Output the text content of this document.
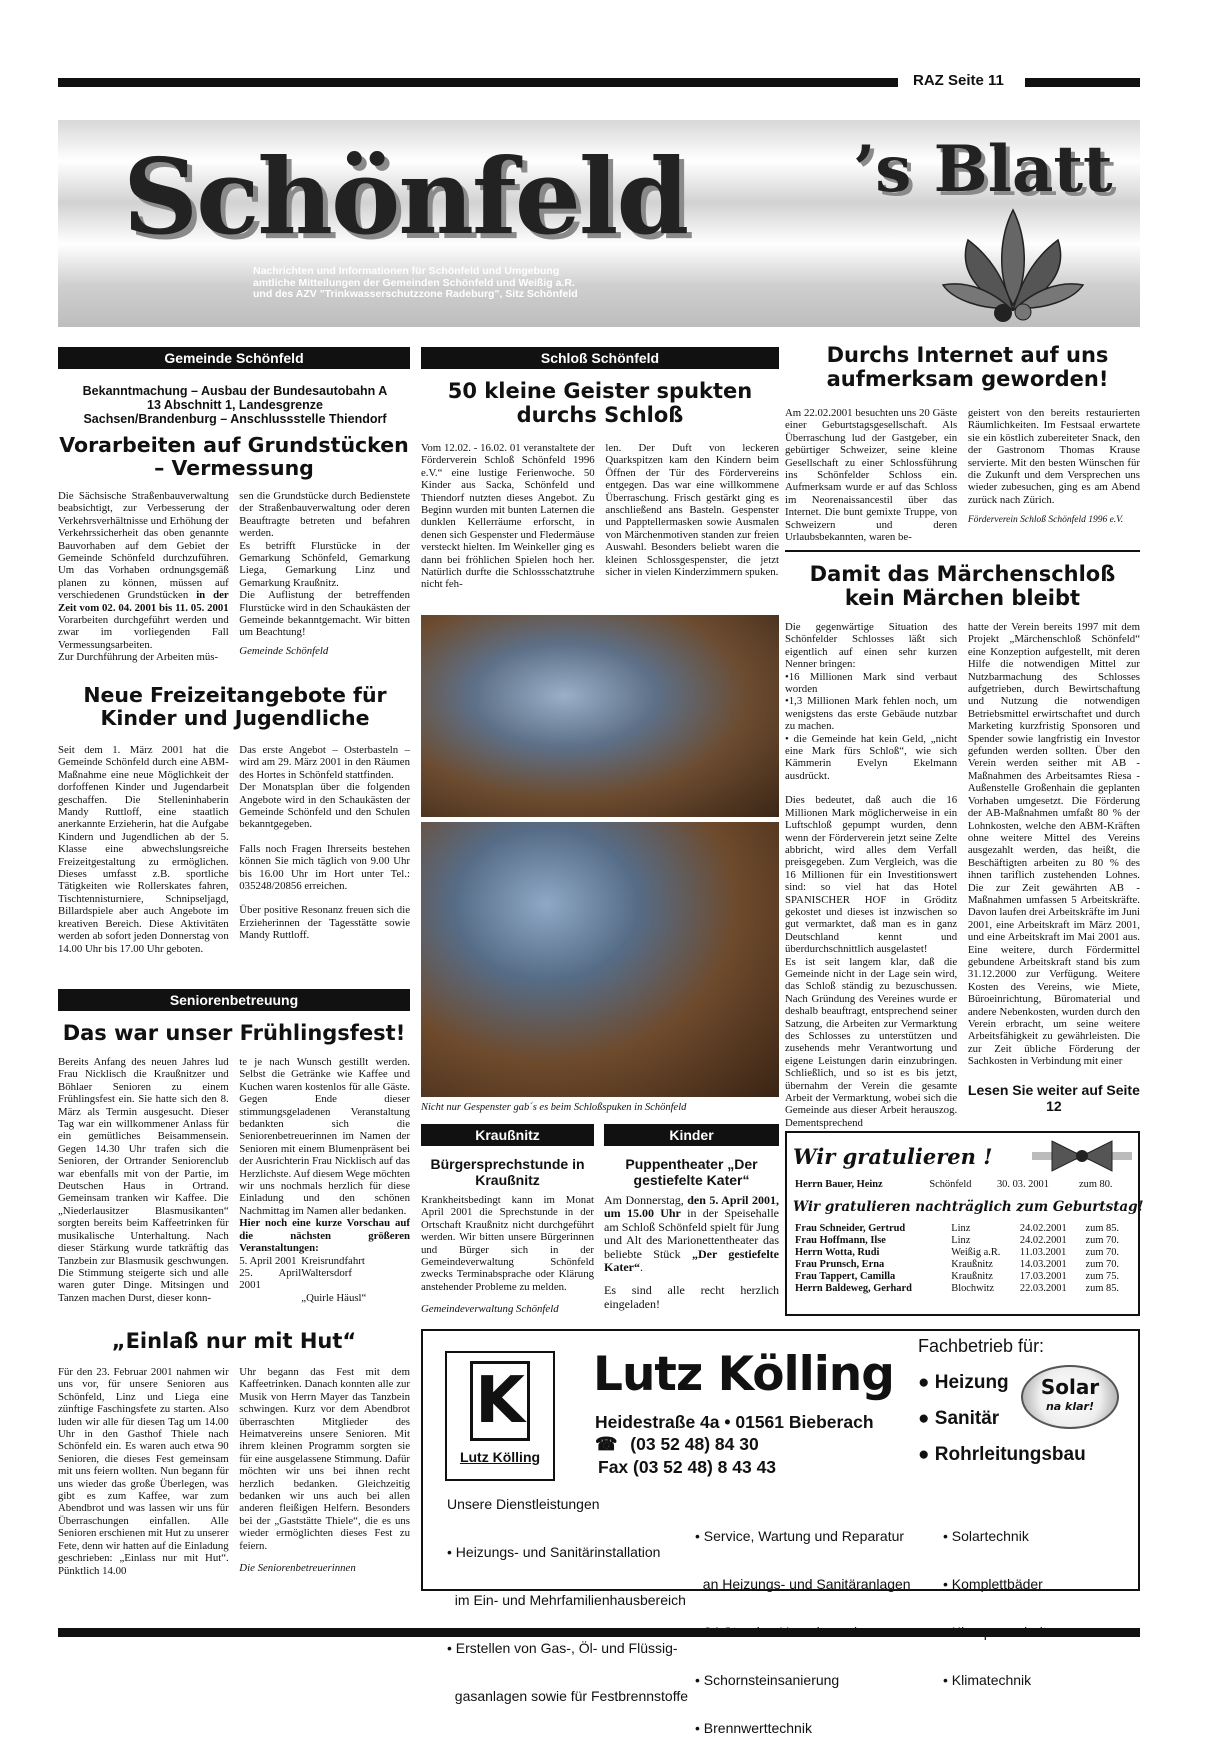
RAZ Seite 11
Schönfeld	’s Blatt
Nachrichten und Informationen für Schönfeld und Umgebung
amtliche Mitteilungen der Gemeinden Schönfeld und Weißig a.R.
und des AZV "Trinkwasserschutzzone Radeburg", Sitz Schönfeld
Gemeinde Schönfeld
Bekanntmachung – Ausbau der Bundesautobahn A 13 Abschnitt 1, Landesgrenze Sachsen/Brandenburg – Anschlussstelle Thiendorf
Vorarbeiten auf Grundstücken – Vermessung

Die Sächsische Straßenbauverwaltung beabsichtigt, zur Verbesserung der Verkehrsverhältnisse und Erhöhung der Verkehrssicherheit das oben genannte Bauvorhaben auf dem Gebiet der Gemeinde Schönfeld durchzuführen. Um das Vorhaben ordnungsgemäß planen zu können, müssen auf verschiedenen Grundstücken in der Zeit vom 02. 04. 2001 bis 11. 05. 2001 Vorarbeiten durchgeführt werden und zwar im vorliegenden Fall Vermessungsarbeiten.

Zur Durchführung der Arbeiten müs-

sen die Grundstücke durch Bedienstete der Straßenbauverwaltung oder deren Beauftragte betreten und befahren werden.

Es betrifft Flurstücke in der Gemarkung Schönfeld, Gemarkung Liega, Gemarkung Linz und Gemarkung Kraußnitz.

Die Auflistung der betreffenden Flurstücke wird in den Schaukästen der Gemeinde bekanntgemacht. Wir bitten um Beachtung!

Gemeinde Schönfeld

Neue Freizeitangebote für Kinder und Jugendliche

Seit dem 1. März 2001 hat die Gemeinde Schönfeld durch eine ABM-Maßnahme eine neue Möglichkeit der dorfoffenen Kinder und Jugendarbeit geschaffen. Die Stelleninhaberin Mandy Ruttloff, eine staatlich anerkannte Erzieherin, hat die Aufgabe Kindern und Jugendlichen ab der 5. Klasse eine abwechslungsreiche Freizeitgestaltung zu ermöglichen. Dieses umfasst z.B. sportliche Tätigkeiten wie Rollerskates fahren, Tischtennisturniere, Schnipseljagd, Billardspiele aber auch Angebote im kreativen Bereich. Diese Aktivitäten werden ab sofort jeden Donnerstag von 14.00 Uhr bis 17.00 Uhr geboten.

Das erste Angebot – Osterbasteln – wird am 29. März 2001 in den Räumen des Hortes in Schönfeld stattfinden.

Der Monatsplan über die folgenden Angebote wird in den Schaukästen der Gemeinde Schönfeld und den Schulen bekanntgegeben.

Falls noch Fragen Ihrerseits bestehen können Sie mich täglich von 9.00 Uhr bis 16.00 Uhr im Hort unter Tel.: 035248/20856 erreichen.

Über positive Resonanz freuen sich die Erzieherinnen der Tagesstätte sowie Mandy Ruttloff.

Seniorenbetreuung
Das war unser Frühlingsfest!

Bereits Anfang des neuen Jahres lud Frau Nicklisch die Kraußnitzer und Böhlaer Senioren zu einem Frühlingsfest ein. Sie hatte sich den 8. März als Termin ausgesucht. Dieser Tag war ein willkommener Anlass für ein gemütliches Beisammensein. Gegen 14.30 Uhr trafen sich die Senioren, der Ortrander Seniorenclub war ebenfalls mit von der Partie, im Deutschen Haus in Ortrand. Gemeinsam tranken wir Kaffee. Die „Niederlausitzer Blasmusikanten“ sorgten bereits beim Kaffeetrinken für musikalische Unterhaltung. Nach dieser Stärkung wurde tatkräftig das Tanzbein zur Blasmusik geschwungen. Die Stimmung steigerte sich und alle waren guter Dinge. Mitsingen und Tanzen machen Durst, dieser konn-

te je nach Wunsch gestillt werden. Selbst die Getränke wie Kaffee und Kuchen waren kostenlos für alle Gäste. Gegen Ende dieser stimmungsgeladenen Veranstaltung bedankten sich die Seniorenbetreuerinnen im Namen der Senioren mit einem Blumenpräsent bei der Ausrichterin Frau Nicklisch auf das Herzlichste. Auf diesem Wege möchten wir uns nochmals herzlich für diese Einladung und den schönen Nachmittag im Namen aller bedanken.

Hier noch eine kurze Vorschau auf die nächsten größeren Veranstaltungen:

5. April 2001 Kreisrundfahrt
25. April 2001
Waltersdorf
„Quirle Häusl“
„Einlaß nur mit Hut“

Für den 23. Februar 2001 nahmen wir uns vor, für unsere Senioren aus Schönfeld, Linz und Liega eine zünftige Faschingsfete zu starten. Also luden wir alle für diesen Tag um 14.00 Uhr in den Gasthof Thiele nach Schönfeld ein. Es waren auch etwa 90 Senioren, die dieses Fest gemeinsam mit uns feiern wollten. Nun begann für uns wieder das große Überlegen, was gibt es zum Kaffee, war zum Abendbrot und was lassen wir uns für Überraschungen einfallen. Alle Senioren erschienen mit Hut zu unserer Fete, denn wir hatten auf die Einladung geschrieben: „Einlass nur mit Hut“. Pünktlich 14.00

Uhr begann das Fest mit dem Kaffeetrinken. Danach konnten alle zur Musik von Herrn Mayer das Tanzbein schwingen. Kurz vor dem Abendbrot überraschten Mitglieder des Heimatvereins unsere Senioren. Mit ihrem kleinen Programm sorgten sie für eine ausgelassene Stimmung. Dafür möchten wir uns bei ihnen recht herzlich bedanken. Gleichzeitig bedanken wir uns auch bei allen anderen fleißigen Helfern. Besonders bei der „Gaststätte Thiele“, die es uns wieder ermöglichten dieses Fest zu feiern.

Die Seniorenbetreuerinnen

Schloß Schönfeld
50 kleine Geister spukten durchs Schloß

Vom 12.02. - 16.02. 01 veranstaltete der Förderverein Schloß Schönfeld 1996 e.V.“ eine lustige Ferienwoche. 50 Kinder aus Sacka, Schönfeld und Thiendorf nutzten dieses Angebot. Zu Beginn wurden mit bunten Laternen die dunklen Kellerräume erforscht, in denen sich Gespenster und Fledermäuse versteckt hielten. Im Weinkeller ging es dann bei fröhlichen Spielen hoch her. Natürlich durfte die Schlossschatztruhe nicht feh-

len. Der Duft von leckeren Quarkspitzen kam den Kindern beim Öffnen der Tür des Fördervereins entgegen. Das war eine willkommene Überraschung. Frisch gestärkt ging es anschließend ans Basteln. Gespenster und Papptellermasken sowie Ausmalen von Märchenmotiven standen zur freien Auswahl. Besonders beliebt waren die kleinen Schlossgespenster, die jetzt sicher in vielen Kinderzimmern spuken.

Nicht nur Gespenster gab´s es beim Schloßspuken in Schönfeld
Kraußnitz	Kinder
Bürgersprechstunde in Kraußnitz

Krankheitsbedingt kann im Monat April 2001 die Sprechstunde in der Ortschaft Kraußnitz nicht durchgeführt werden. Wir bitten unsere Bürgerinnen und Bürger sich in der Gemeindeverwaltung Schönfeld zwecks Terminabsprache oder Klärung anstehender Probleme zu melden.

Gemeindeverwaltung Schönfeld

Puppentheater „Der gestiefelte Kater“

Am Donnerstag, den 5. April 2001, um 15.00 Uhr in der Speisehalle am Schloß Schönfeld spielt für Jung und Alt des Marionettentheater das beliebte Stück „Der gestiefelte Kater“.

Es sind alle recht herzlich eingeladen!

Durchs Internet auf uns aufmerksam geworden!

Am 22.02.2001 besuchten uns 20 Gäste einer Geburtstagsgesellschaft. Als Überraschung lud der Gastgeber, ein gebürtiger Schweizer, seine kleine Gesellschaft zu einer Schlossführung ins Schönfelder Schloss ein. Aufmerksam wurde er auf das Schloss im Neorenaissancestil über das Internet. Die bunt gemixte Truppe, von Schweizern und deren Urlaubsbekannten, waren be-

geistert von den bereits restaurierten Räumlichkeiten. Im Festsaal erwartete sie ein köstlich zubereiteter Snack, den der Gastronom Thomas Krause servierte. Mit den besten Wünschen für die Zukunft und dem Versprechen uns wieder zubesuchen, ging es am Abend zurück nach Zürich.

Förderverein Schloß Schönfeld 1996 e.V.

Damit das Märchenschloß kein Märchen bleibt

Die gegenwärtige Situation des Schönfelder Schlosses läßt sich eigentlich auf einen sehr kurzen Nenner bringen:

•16 Millionen Mark sind verbaut worden

•1,3 Millionen Mark fehlen noch, um wenigstens das erste Gebäude nutzbar zu machen.

• die Gemeinde hat kein Geld, „nicht eine Mark fürs Schloß“, wie sich Kämmerin Evelyn Ekelmann ausdrückt.

Dies bedeutet, daß auch die 16 Millionen Mark möglicherweise in ein Luftschloß gepumpt wurden, denn wenn der Förderverein jetzt seine Zelte abbricht, wird alles dem Verfall preisgegeben. Zum Vergleich, was die 16 Millionen für ein Investitionswert sind: so viel hat das Hotel SPANISCHER HOF in Gröditz gekostet und dieses ist inzwischen so gut vermarktet, daß man es in ganz Deutschland kennt und überdurchschnittlich ausgelastet!

Es ist seit langem klar, daß die Gemeinde nicht in der Lage sein wird, das Schloß ständig zu bezuschussen. Nach Gründung des Vereines wurde er deshalb beauftragt, entsprechend seiner Satzung, die Arbeiten zur Vermarktung des Schlosses zu unterstützen und zusehends mehr Verantwortung und eigene Leistungen darin einzubringen. Schließlich, und so ist es bis jetzt, übernahm der Verein die gesamte Arbeit der Vermarktung, wobei sich die Gemeinde aus dieser Arbeit herauszog. Dementsprechend

hatte der Verein bereits 1997 mit dem Projekt „Märchenschloß Schönfeld“ eine Konzeption aufgestellt, mit deren Hilfe die notwendigen Mittel zur Nutzbarmachung des Schlosses aufgetrieben, durch Bewirtschaftung und Nutzung die notwendigen Betriebsmittel erwirtschaftet und durch Marketing kurzfristig Sponsoren und Spender sowie langfristig ein Investor gefunden werden sollten. Über den Verein werden seither mit AB - Maßnahmen des Arbeitsamtes Riesa -Außenstelle Großenhain die geplanten Vorhaben umgesetzt. Die Förderung der AB-Maßnahmen umfaßt 80 % der Lohnkosten, welche den ABM-Kräften ohne weitere Mittel des Vereins ausgezahlt werden, das heißt, die Beschäftigten arbeiten zu 80 % des ihnen tariflich zustehenden Lohnes. Die zur Zeit gewährten AB -Maßnahmen umfassen 5 Arbeitskräfte. Davon laufen drei Arbeitskräfte im Juni 2001, eine Arbeitskraft im März 2001, und eine Arbeitskraft im Mai 2001 aus. Eine weitere, durch Fördermittel gebundene Arbeitskraft stand bis zum 31.12.2000 zur Verfügung. Weitere Kosten des Vereins, wie Miete, Büroeinrichtung, Büromaterial und andere Nebenkosten, wurden durch den Verein erbracht, um seine weitere Arbeitsfähigkeit zu gewährleisten. Die zur Zeit übliche Förderung der Sachkosten in Verbindung mit einer

Lesen Sie weiter auf Seite 12

Wir gratulieren !
Herrn Bauer, Heinz	Schönfeld	30. 03. 2001	zum 80.
Wir gratulieren nachträglich zum Geburtstag!
Frau Schneider, Gertrud	Linz	24.02.2001	zum 85.
Frau Hoffmann, Ilse	Linz	24.02.2001	zum 70.
Herrn Wotta, Rudi	Weißig a.R.	11.03.2001	zum 70.
Frau Prunsch, Erna	Kraußnitz	14.03.2001	zum 70.
Frau Tappert, Camilla	Kraußnitz	17.03.2001	zum 75.
Herrn Baldeweg, Gerhard	Blochwitz	22.03.2001	zum 85.
K
Lutz Kölling
Lutz Kölling
Heidestraße 4a • 01561 Bieberach
☎ (03 52 48) 84 30
Fax (03 52 48) 8 43 43
Fachbetrieb für:
● Heizung
● Sanitär
● Rohrleitungsbau
Solar
na klar!
Unsere Dienstleistungen

• Heizungs- und Sanitärinstallation

im Ein- und Mehrfamilienhausbereich

• Erstellen von Gas-, Öl- und Flüssig-

gasanlagen sowie für Festbrennstoffe

• Service, Wartung und Reparatur

an Heizungs- und Sanitäranlagen

• Schornsteinsanierung

• Brennwerttechnik

• Solartechnik

• Komplettbäder

• Klimatechnik
